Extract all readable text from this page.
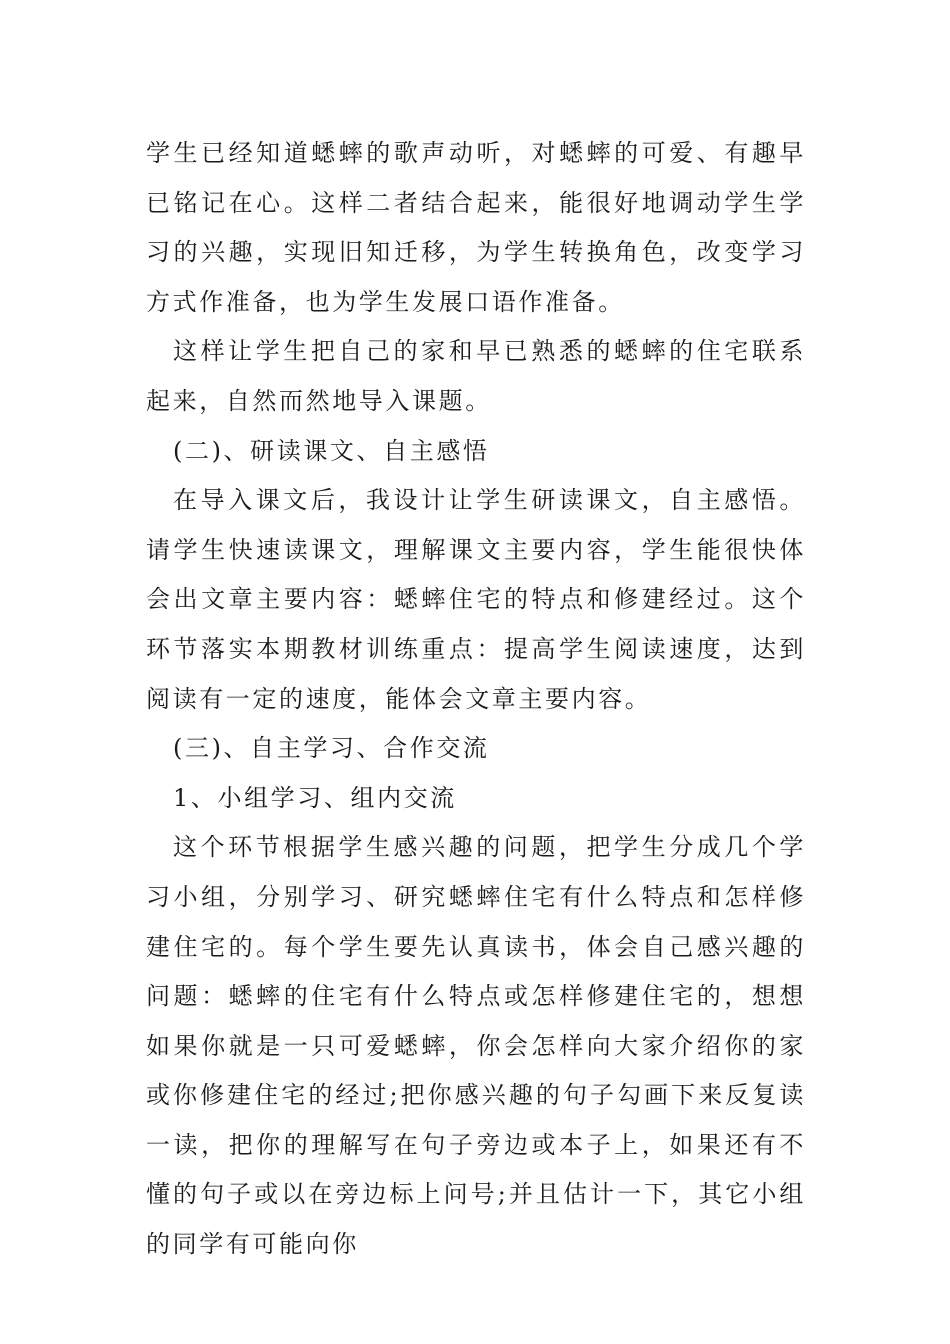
学生已经知道蟋蟀的歌声动听，对蟋蟀的可爱、有趣早已铭记在心。这样二者结合起来，能很好地调动学生学习的兴趣，实现旧知迁移，为学生转换角色，改变学习方式作准备，也为学生发展口语作准备。

这样让学生把自己的家和早已熟悉的蟋蟀的住宅联系起来，自然而然地导入课题。

(二)、研读课文、自主感悟

在导入课文后，我设计让学生研读课文，自主感悟。请学生快速读课文，理解课文主要内容，学生能很快体会出文章主要内容：蟋蟀住宅的特点和修建经过。这个环节落实本期教材训练重点：提高学生阅读速度，达到阅读有一定的速度，能体会文章主要内容。

(三)、自主学习、合作交流

1、小组学习、组内交流

这个环节根据学生感兴趣的问题，把学生分成几个学习小组，分别学习、研究蟋蟀住宅有什么特点和怎样修建住宅的。每个学生要先认真读书，体会自己感兴趣的问题：蟋蟀的住宅有什么特点或怎样修建住宅的，想想如果你就是一只可爱蟋蟀，你会怎样向大家介绍你的家或你修建住宅的经过;把你感兴趣的句子勾画下来反复读一读，把你的理解写在句子旁边或本子上，如果还有不懂的句子或以在旁边标上问号;并且估计一下，其它小组的同学有可能向你
